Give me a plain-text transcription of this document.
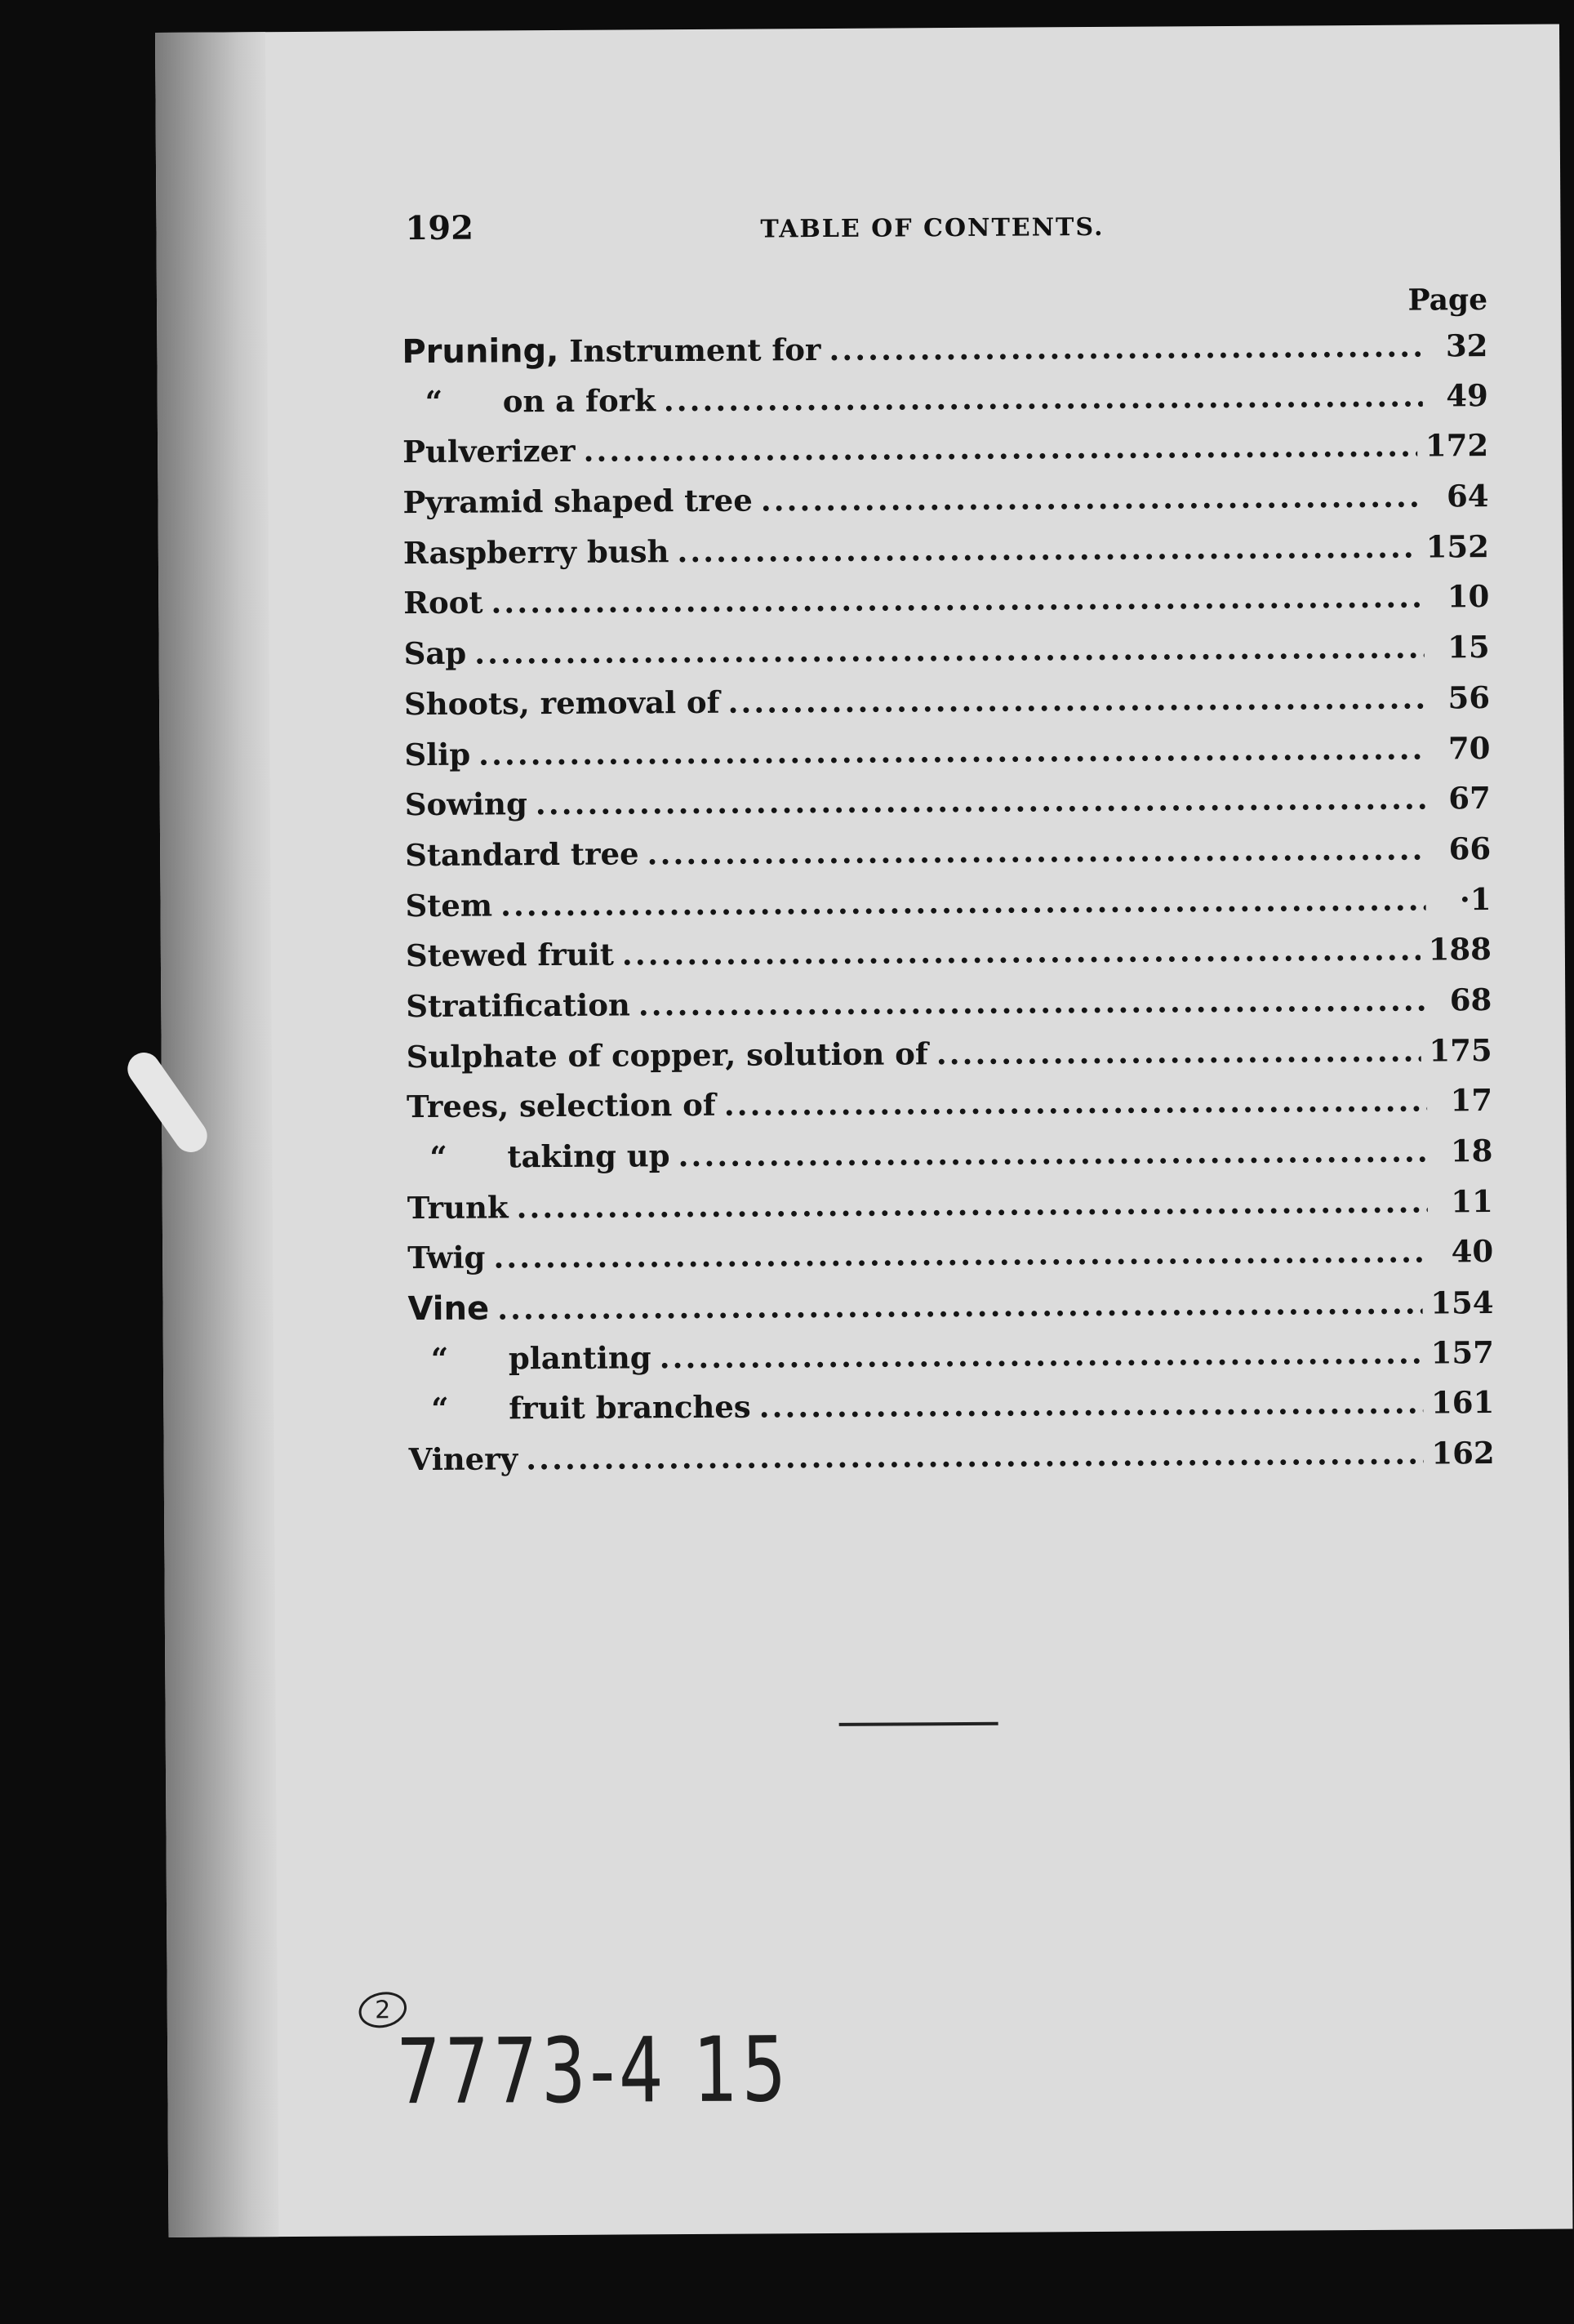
192	TABLE OF CONTENTS.
Page
Pruning, Instrument for .....	32
“ on a fork .....	49
Pulverizer .....	172
Pyramid shaped tree .....	64
Raspberry bush .....	152
Root .....	10
Sap .....	15
Shoots, removal of .....	56
Slip .....	70
Sowing .....	67
Standard tree .....	66
Stem .....	·1
Stewed fruit .....	188
Stratification .....	68
Sulphate of copper, solution of .....	175
Trees, selection of .....	17
“ taking up .....	18
Trunk .....	11
Twig .....	40
Vine .....	154
“ planting .....	157
“ fruit branches .....	161
Vinery .....	162
2
7773-4 15
